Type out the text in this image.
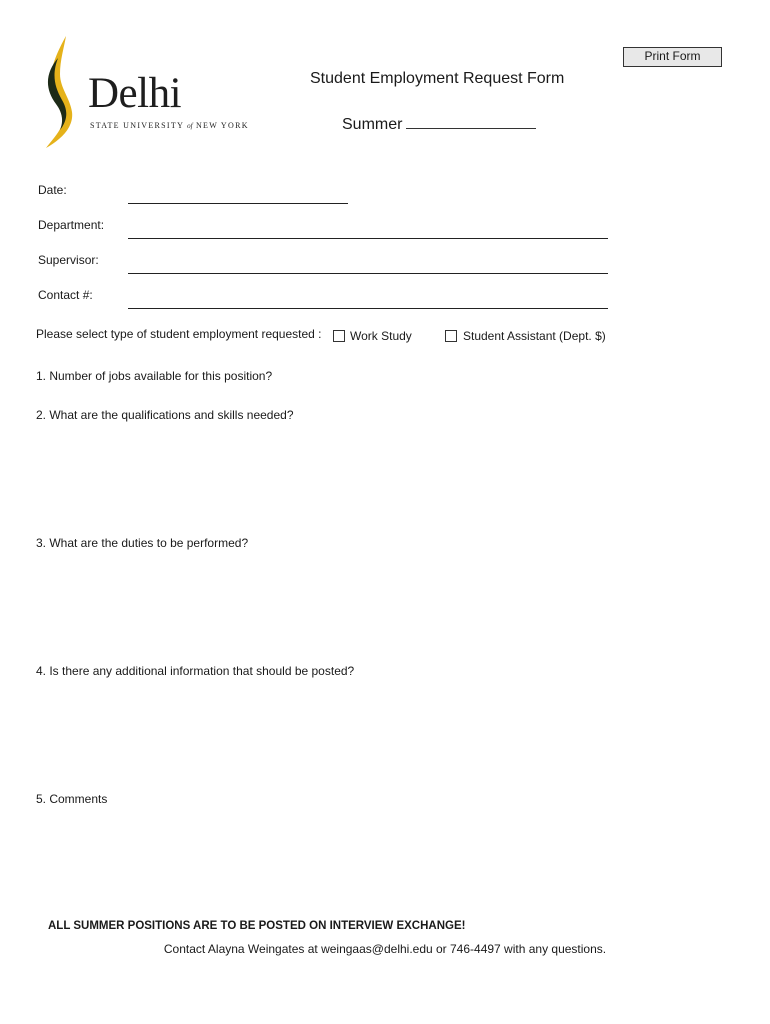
Print Form
Delhi
STATE UNIVERSITY of NEW YORK
Student Employment Request Form
Summer
Date:
Department:
Supervisor:
Contact #:
Please select type of student employment requested : Work Study	Student Assistant (Dept. $)
1. Number of jobs available for this position?
2. What are the qualifications and skills needed?
3. What are the duties to be performed?
4. Is there any additional information that should be posted?
5. Comments
ALL SUMMER POSITIONS ARE TO BE POSTED ON INTERVIEW EXCHANGE!
Contact Alayna Weingates at weingaas@delhi.edu or 746-4497 with any questions.
